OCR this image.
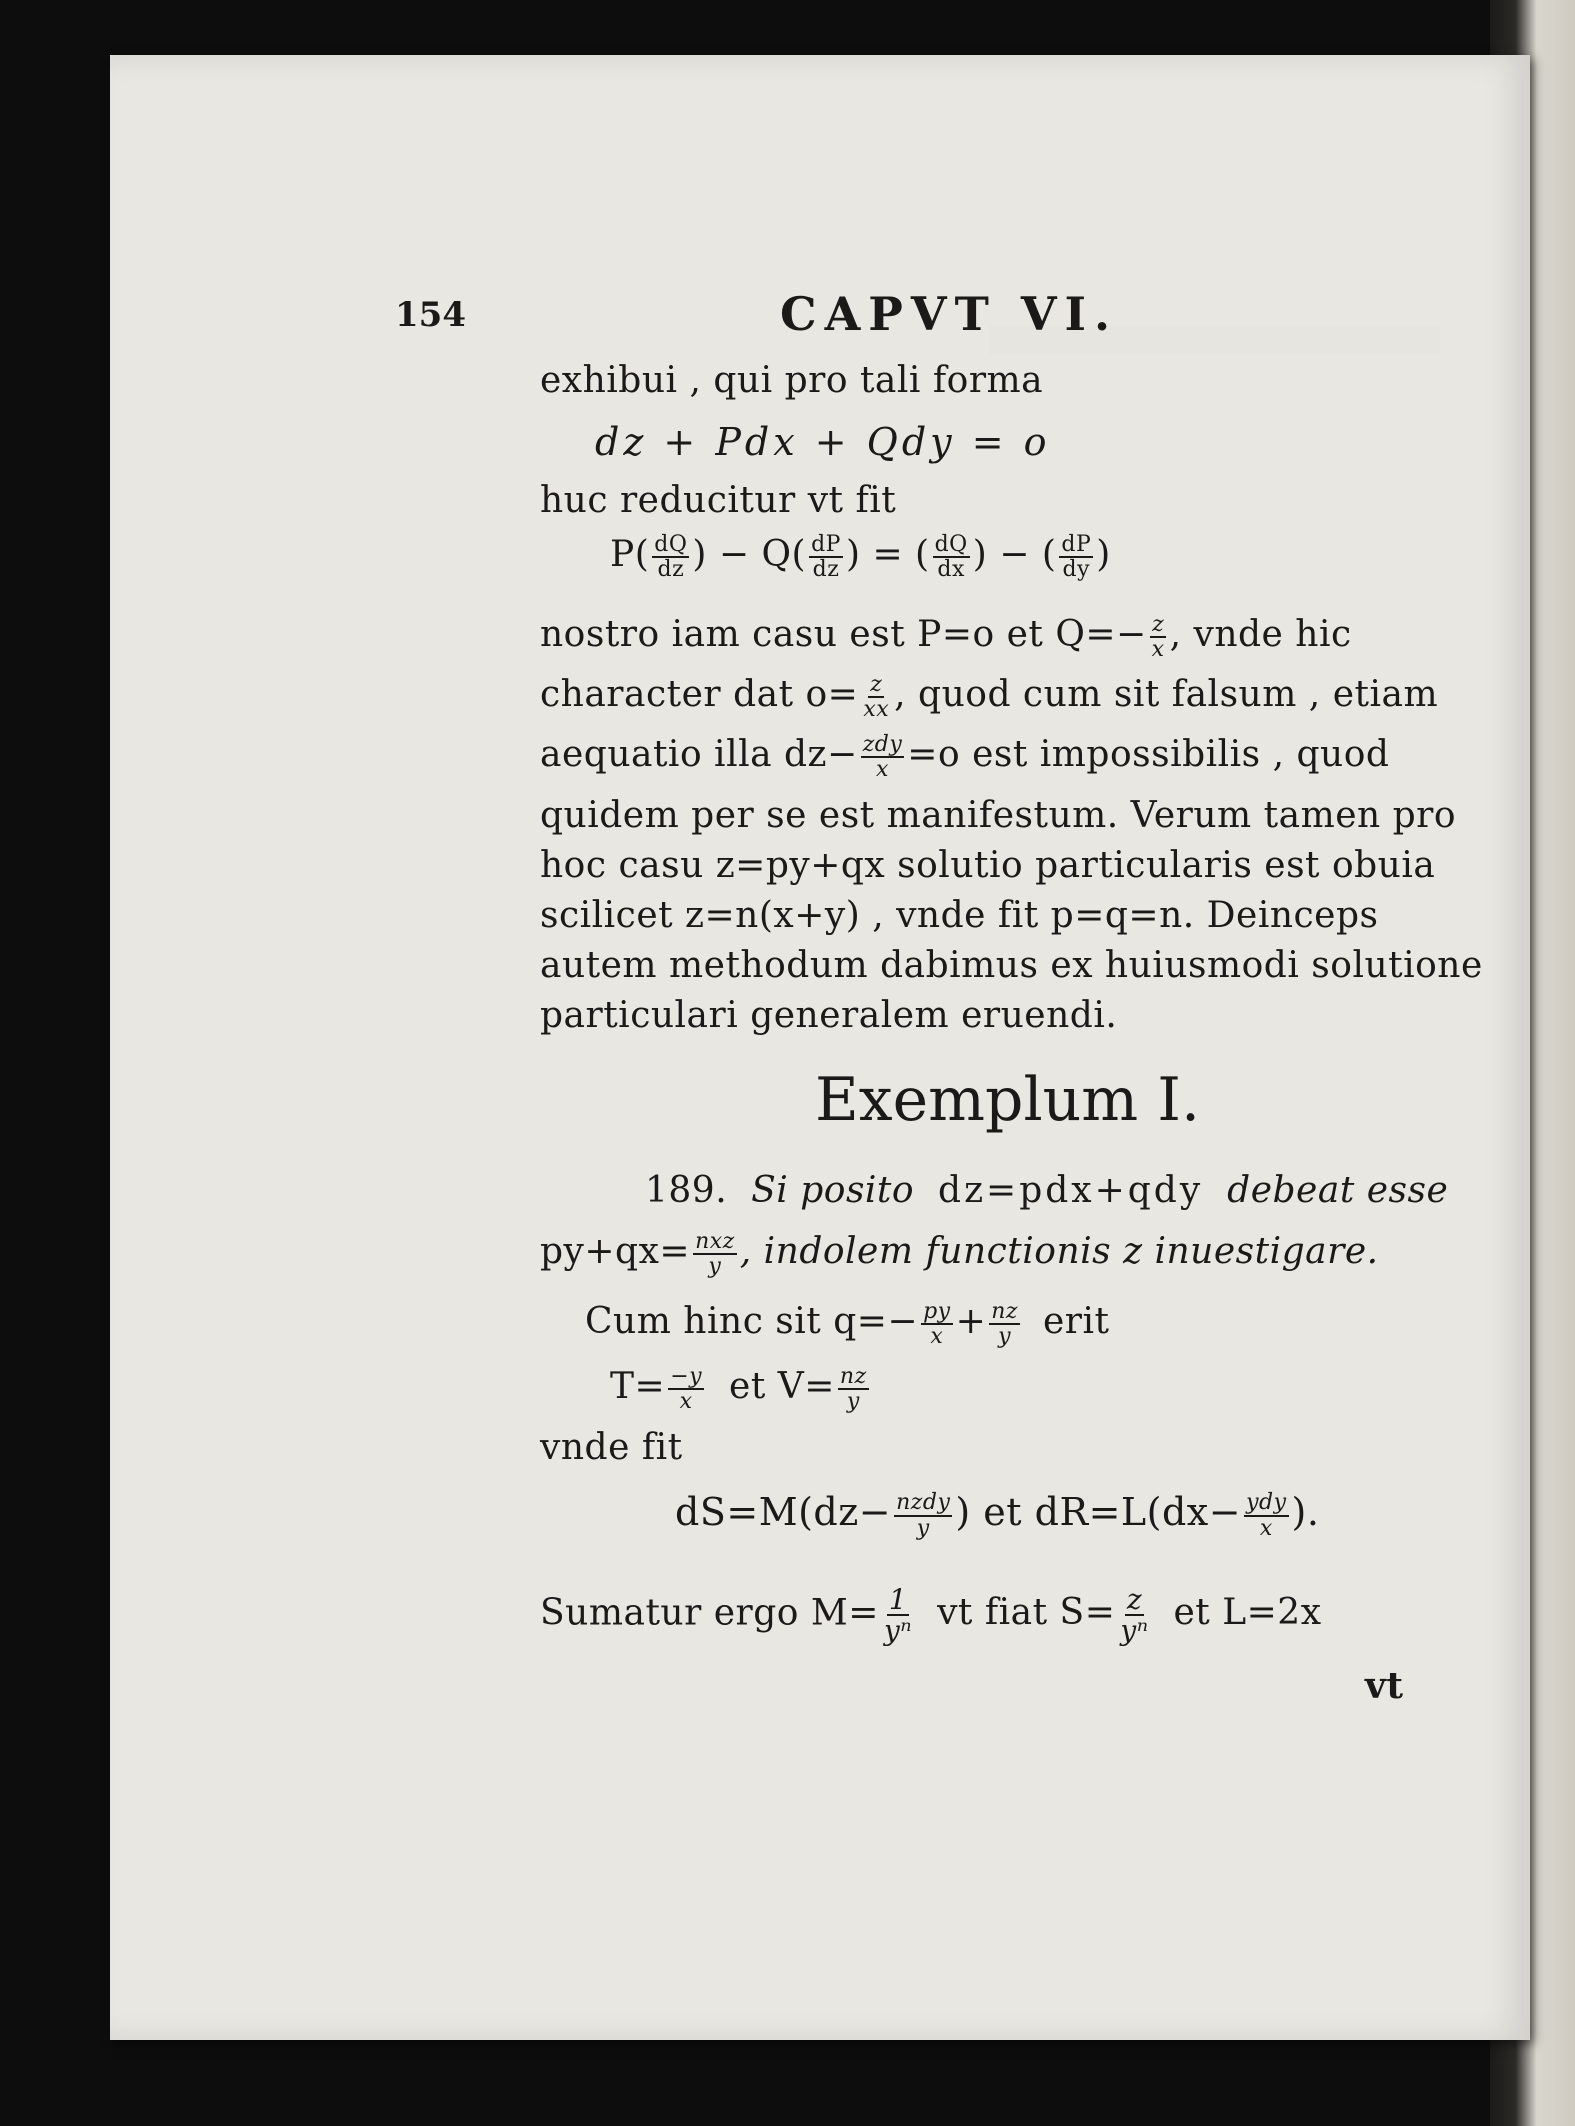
154	CAPVT VI.
exhibui , qui pro tali forma
dz + Pdx + Qdy = o
huc reducitur vt fit
$P( \frac{dQ}{dz}$ ) − $Q( \frac{dP}{dz}$ ) = ( $\frac{dQ}{dx}$ ) − ( $\frac{dP}{dy}$ )
nostro iam casu est P=o et $Q=- \frac{z}{x}$ , vnde hic
character dat $o= \frac{z}{xx}$ , quod cum sit falsum , etiam
aequatio illa $dz- \frac{\text{zdy}}{x} =o$ est impossibilis , quod
quidem per se est manifestum. Verum tamen pro
hoc casu z=py+qx solutio particularis est obuia
scilicet z=n(x+y) , vnde fit p=q=n. Deinceps
autem methodum dabimus ex huiusmodi solutione
particulari generalem eruendi.
Exemplum I.
189. Si posito dz=pdx+qdy debeat esse
$py+qx= \frac{\text{nxz}}{y}$ , indolem functionis z inuestigare.
Cum hinc sit $q=- \frac{py}{x} + \frac{nz}{y}$ erit
$T= \frac{-y}{x}$ et $V= \frac{nz}{y}$
vnde fit
$dS=M(dz- \frac{\text{nzdy}}{y}$ ) et $dR=L(dx- \frac{\text{ydy}}{x}$ ).
Sumatur ergo $M= \frac{1}{\text{yⁿ}}$ vt fiat $S= \frac{z}{\text{yⁿ}}$ et L=2x
vt
